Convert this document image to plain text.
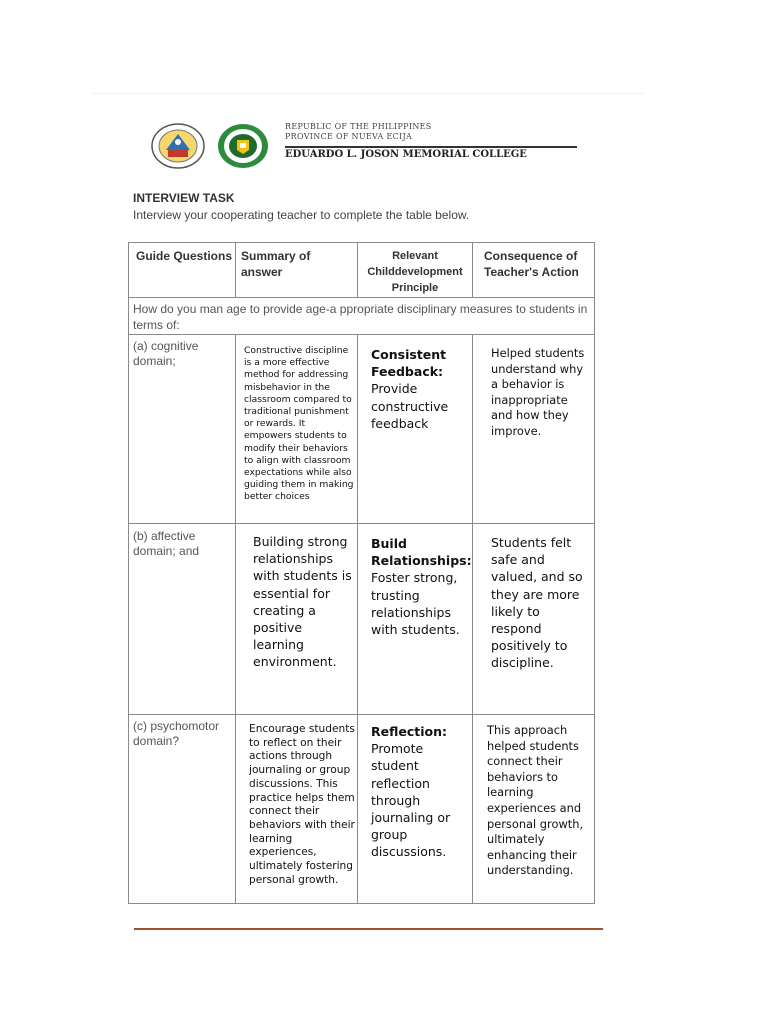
REPUBLIC OF THE PHILIPPINES
PROVINCE OF NUEVA ECIJA
EDUARDO L. JOSON MEMORIAL COLLEGE
INTERVIEW TASK
Interview your cooperating teacher to complete the table below.
Guide Questions Summary of answer
Relevant Childdevelopment Principle
Consequence of Teacher's Action
How do you man age to provide age-a ppropriate disciplinary measures to students in terms of:
(a) cognitive domain;
Constructive discipline is a more effective method for addressing misbehavior in the classroom compared to traditional punishment or rewards. It empowers students to modify their behaviors to align with classroom expectations while also guiding them in making better choices
Consistent Feedback:
Provide constructive feedback
Helped students understand why a behavior is inappropriate and how they improve.
(b) affective domain; and
Building strong relationships with students is essential for creating a positive learning environment.
Build Relationships: Foster strong, trusting relationships with students.
Students felt safe and valued, and so they are more likely to respond positively to discipline.
(c) psychomotor domain?
Encourage students to reflect on their actions through journaling or group discussions. This practice helps them connect their behaviors with their learning experiences, ultimately fostering personal growth.
Reflection:
Promote student reflection through journaling or group discussions.
This approach helped students connect their behaviors to learning experiences and personal growth, ultimately enhancing their understanding.
